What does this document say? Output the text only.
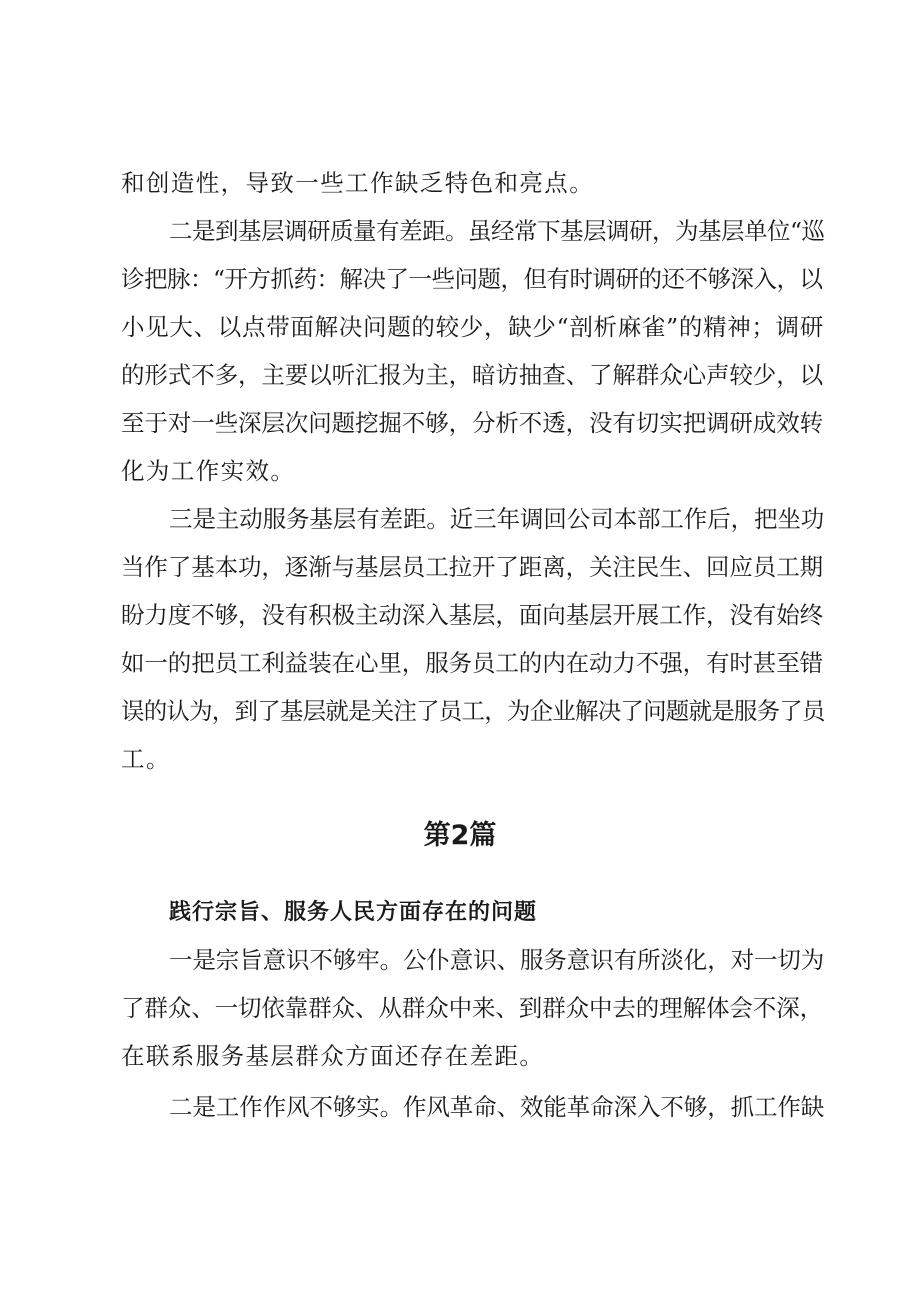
和创造性，导致一些工作缺乏特色和亮点。
二是到基层调研质量有差距。虽经常下基层调研，为基层单位“巡
诊把脉：“开方抓药：解决了一些问题，但有时调研的还不够深入，以
小见大、以点带面解决问题的较少，缺少“剖析麻雀”的精神；调研
的形式不多，主要以听汇报为主，暗访抽查、了解群众心声较少，以
至于对一些深层次问题挖掘不够，分析不透，没有切实把调研成效转
化为工作实效。
三是主动服务基层有差距。近三年调回公司本部工作后，把坐功
当作了基本功，逐渐与基层员工拉开了距离，关注民生、回应员工期
盼力度不够，没有积极主动深入基层，面向基层开展工作，没有始终
如一的把员工利益装在心里，服务员工的内在动力不强，有时甚至错
误的认为，到了基层就是关注了员工，为企业解决了问题就是服务了员
工。
第2篇
践行宗旨、服务人民方面存在的问题
一是宗旨意识不够牢。公仆意识、服务意识有所淡化，对一切为
了群众、一切依靠群众、从群众中来、到群众中去的理解体会不深，
在联系服务基层群众方面还存在差距。
二是工作作风不够实。作风革命、效能革命深入不够，抓工作缺
